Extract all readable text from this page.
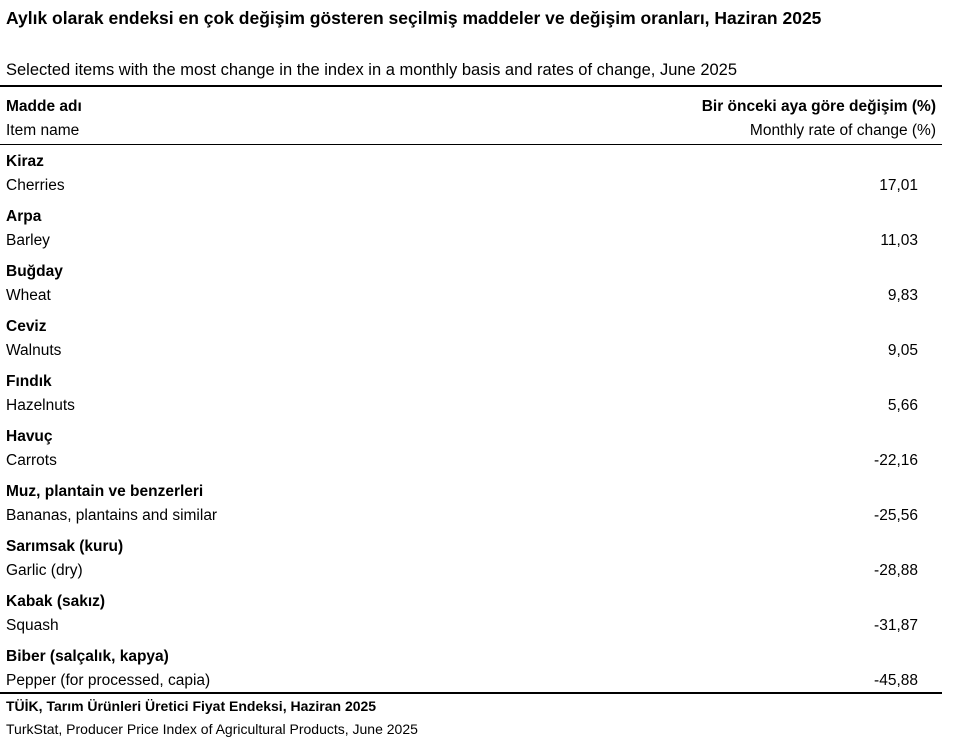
Aylık olarak endeksi en çok değişim gösteren seçilmiş maddeler ve değişim oranları, Haziran 2025
Selected items with the most change in the index in a monthly basis and rates of change, June 2025
Madde adı
Item name
Bir önceki aya göre değişim (%)
Monthly rate of change (%)
Kiraz
Cherries	17,01
Arpa
Barley	11,03
Buğday
Wheat	9,83
Ceviz
Walnuts	9,05
Fındık
Hazelnuts	5,66
Havuç
Carrots	-22,16
Muz, plantain ve benzerleri
Bananas, plantains and similar	-25,56
Sarımsak (kuru)
Garlic (dry)	-28,88
Kabak (sakız)
Squash	-31,87
Biber (salçalık, kapya)
Pepper (for processed, capia)	-45,88
TÜİK, Tarım Ürünleri Üretici Fiyat Endeksi, Haziran 2025
TurkStat, Producer Price Index of Agricultural Products, June 2025
